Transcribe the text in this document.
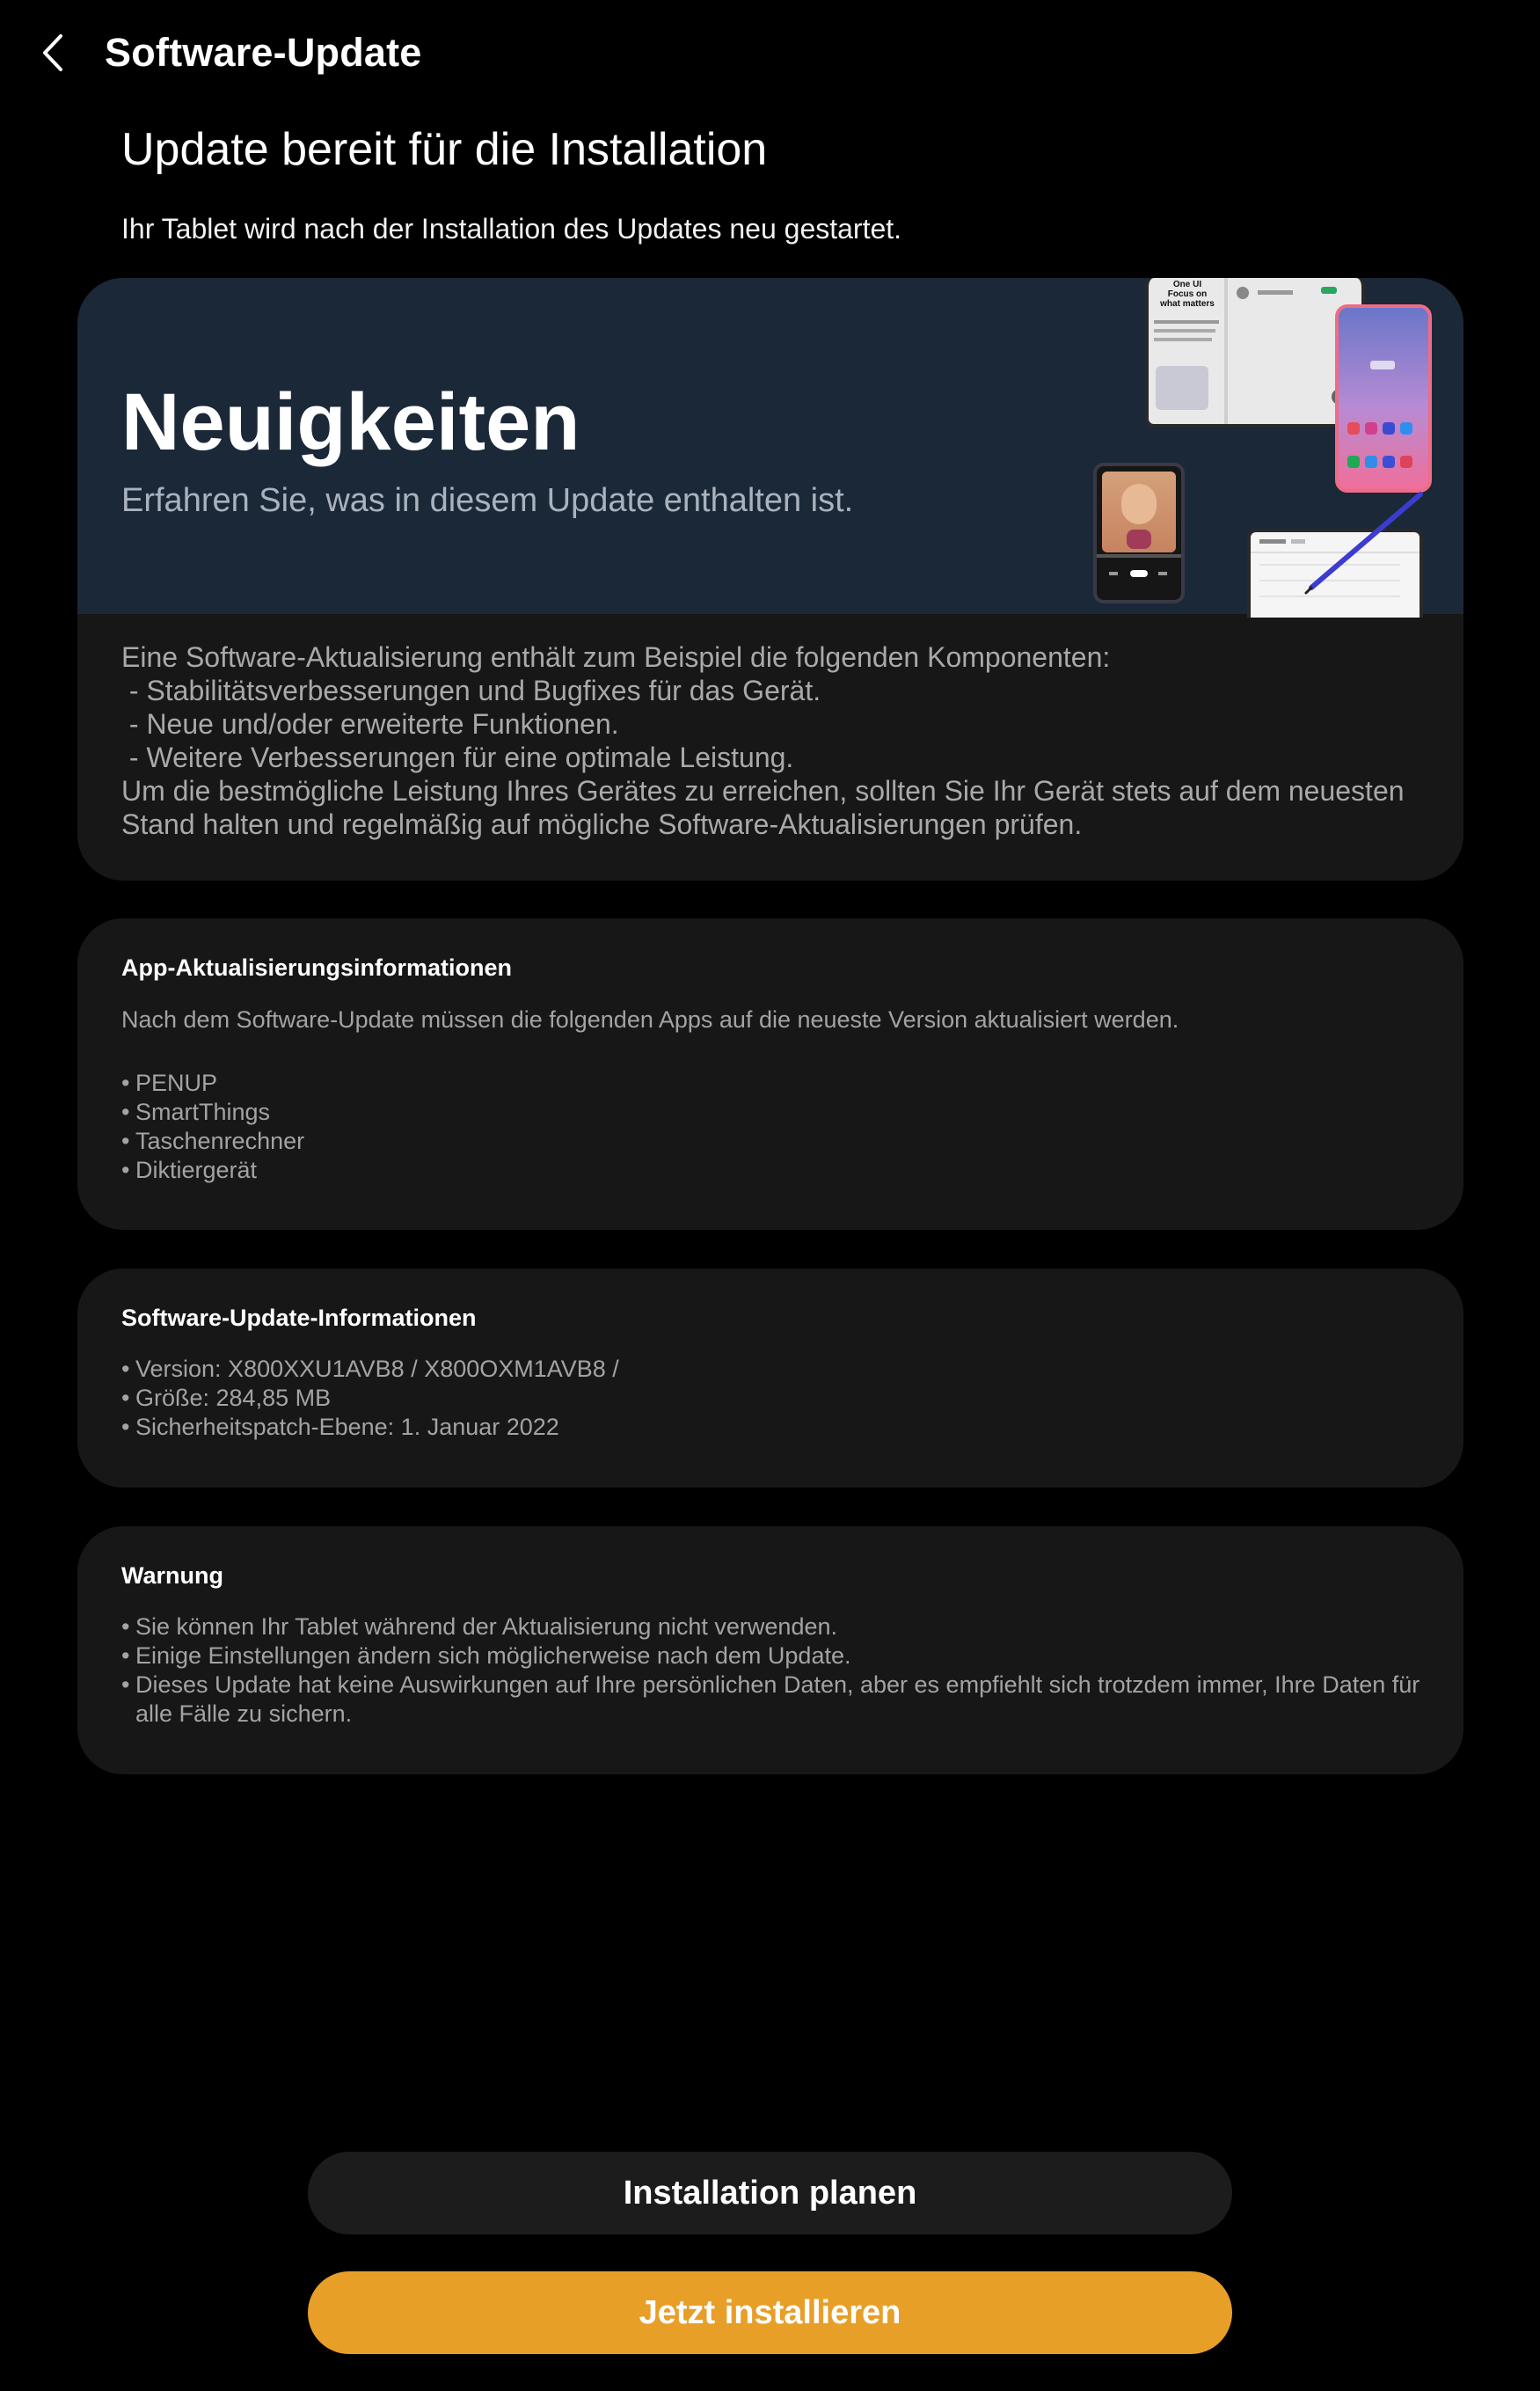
Software-Update
Update bereit für die Installation
Ihr Tablet wird nach der Installation des Updates neu gestartet.
Neuigkeiten
Erfahren Sie, was in diesem Update enthalten ist.
One UI
Focus on
what matters
Eine Software-Aktualisierung enthält zum Beispiel die folgenden Komponenten:
- Stabilitätsverbesserungen und Bugfixes für das Gerät.
- Neue und/oder erweiterte Funktionen.
- Weitere Verbesserungen für eine optimale Leistung.
Um die bestmögliche Leistung Ihres Gerätes zu erreichen, sollten Sie Ihr Gerät stets auf dem neuesten Stand halten und regelmäßig auf mögliche Software-Aktualisierungen prüfen.
App-Aktualisierungsinformationen
Nach dem Software-Update müssen die folgenden Apps auf die neueste Version aktualisiert werden.
• PENUP
• SmartThings
• Taschenrechner
• Diktiergerät
Software-Update-Informationen
• Version: X800XXU1AVB8 / X800OXM1AVB8 /
• Größe: 284,85 MB
• Sicherheitspatch-Ebene: 1. Januar 2022
Warnung
• Sie können Ihr Tablet während der Aktualisierung nicht verwenden.
• Einige Einstellungen ändern sich möglicherweise nach dem Update.
• Dieses Update hat keine Auswirkungen auf Ihre persönlichen Daten, aber es empfiehlt sich trotzdem immer, Ihre Daten für alle Fälle zu sichern.
Installation planen
Jetzt installieren
